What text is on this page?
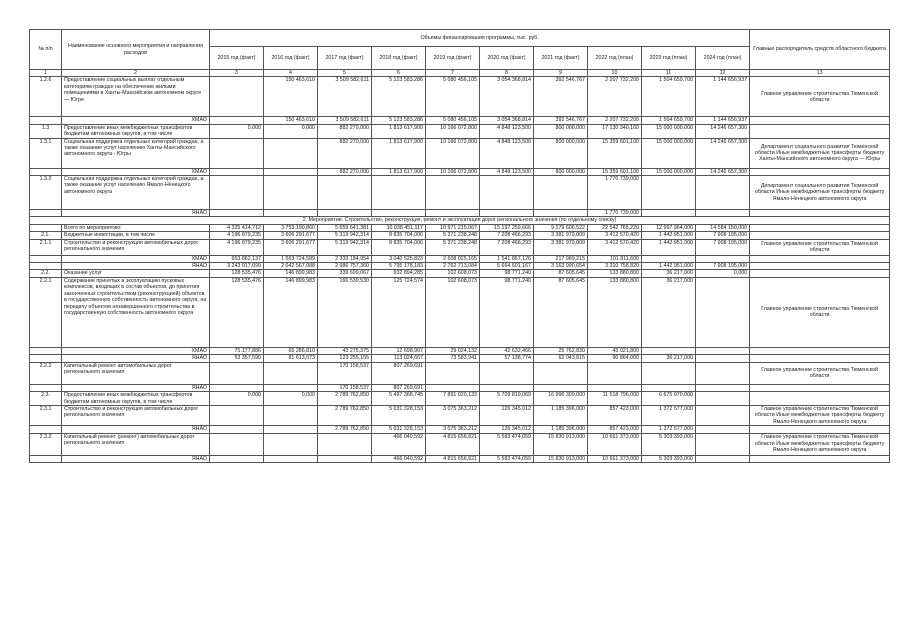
№ п/п	Наименование основного мероприятия и направления расходов	Объемы финансирования программы, тыс. руб.										Главные распорядитель средств областного бюджета
		2015 год (факт)	2016 год (факт)	2017 год (факт)	2018 год (факт)	2019 год (факт)	2020 год (факт)	2021 год (факт)	2022 год (план)	2023 год (план)	2024 год (план)	
1	2	3	4	5	6	7	8	9	10	11	12	13
1.2.6	Предоставление социальных выплат отдельным категориям граждан на обеспечение жилыми помещениями в Ханты-Мансийском автономном округе — Югре		150 463,610	3 509 582,611	5 123 583,286	5 080 456,105	3 054 368,814	392 546,767	2 207 732,200	1 504 659,700	1 144 656,937	Главное управление строительства Тюменской области
	ХМАО		150 463,610	3 509 582,611	5 123 583,286	5 080 456,105	3 054 368,814	392 546,767	2 207 732,200	1 504 659,700	1 144 656,937	
1.3	Предоставление иных межбюджетных трансфертов бюджетам автономных округов, в том числе	0,000	0,000	882 270,000	1 813 617,900	10 166 072,800	4 848 123,500	800 000,000	17 130 340,160	15 000 000,000	14 246 657,300	
1.3.1	Социальная поддержка отдельных категорий граждан, а также оказание услуг населению Ханты-Мансийского автономного округа - Югры			882 270,000	1 813 617,900	10 166 072,800	4 848 123,500	800 000,000	15 359 601,100	15 000 000,000	14 246 657,300	Департамент социального развития Тюменской области Иные межбюджетные трансферты бюджету Ханты-Мансийского автономного округа — Югры
	ХМАО			882 270,000	1 813 617,900	10 166 072,800	4 848 123,500	800 000,000	15 359 601,100	15 000 000,000	14 246 657,300	
1.3.2	Социальная поддержка отдельных категорий граждан, а также оказание услуг населению Ямало-Ненецкого автономного округа								1 770 739,000			Департамент социального развития Тюменской области Иные межбюджетные трансферты бюджету Ямало-Ненецкого автономного округа
	ЯНАО								1 770 739,000			
2. Мероприятие: Строительство, реконструкция, ремонт и эксплуатация дорог регионального значения (по отдельному списку)												
	Всего по мероприятию:	4 325 414,712	3 753 190,860	5 659 641,381	10 038 451,117	10 971 215,067	15 197 259,666	9 179 606,522	22 542 765,220	12 997 964,000	14 584 150,000	
2.1.	Бюджетные инвестиции, в том числе	4 196 879,235	3 606 291,677	5 319 942,314	8 835 704,006	5 371 238,248	7 208 466,293	3 381 979,009	3 412 570,420	1 442 951,000	7 908 195,000	
2.1.1	Строительство и реконструкция автомобильных дорог регионального значения	4 196 879,235	3 606 291,677	5 319 942,314	8 835 704,006	5 371 238,248	7 208 466,293	3 381 979,009	3 412 570,420	1 442 951,000	7 908 195,000	Главное управление строительства Тюменской области
	ХМАО	953 862,137	1 563 724,589	2 333 184,954	3 040 525,823	2 608 025,165	1 541 867,126	217 989,215	101 811,600			
	ЯНАО	3 243 017,099	2 042 567,088	2 986 757,360	5 795 178,183	2 762 713,084	5 664 601,167	3 163 990,654	3 310 758,820	1 442 951,000	7 908 195,000	
2.2.	Оказание услуг	128 535,476	146 899,983	339 699,067	932 894,285	102 608,073	98 771,240	87 605,645	133 880,800	36 217,000	0,000	
2.2.1	Содержание принятых в эксплуатацию пусковых комплексов, входящих в состав объектов, до принятия законченных строительством (реконструкцией) объектов в государственную собственность автономного округа, на передачу объектов незавершенного строительства в государственную собственность автономного округа	128 535,476	146 899,983	166 530,530	125 724,574	102 608,073	98 771,240	87 605,645	133 880,800	36 217,000		Главное управление строительства Тюменской области
	ХМАО	75 177,886	65 286,810	43 275,375	12 698,907	29 024,132	42 632,466	25 762,830	43 021,800			
	ЯНАО	53 357,590	81 613,073	123 255,155	113 024,667	73 583,941	57 138,774	62 043,815	90 864,000	36 217,000		
2.2.2	Капитальный ремонт автомобильных дорог регионального значения			170 158,537	807 269,691							Главное управление строительства Тюменской области
	ЯНАО			170 158,537	807 269,691							
2.3.	Предоставление иных межбюджетных трансфертов бюджетам автономных округов, в том числе	0,000	0,000	2 789 762,850	5 497 368,745	7 891 020,133	5 709 819,069	16 996 309,000	11 518 796,000	6 675 970,000		
2.3.1	Строительство и реконструкция автомобильных дорог регионального значения			2 789 762,850	5 031 328,153	3 075 363,212	126 345,012	1 185 396,000	857 423,000	1 372 577,000		Главное управление строительства Тюменской области Иные межбюджетные трансферты бюджету Ямало-Ненецкого автономного округа
	ЯНАО			2 789 762,850	5 031 328,153	3 075 363,212	126 345,012	1 185 396,000	857 423,000	1 372 577,000		
2.3.2	Капитальный ремонт (ремонт) автомобильных дорог регионального значения				466 040,592	4 815 656,921	5 583 474,059	15 830 913,000	10 661 373,000	5 303 393,000		Главное управление строительства Тюменской области Иные межбюджетные трансферты бюджету Ямало-Ненецкого автономного округа
	ЯНАО				466 040,592	4 815 656,921	5 583 474,059	15 830 913,000	10 661 373,000	5 303 393,000		
